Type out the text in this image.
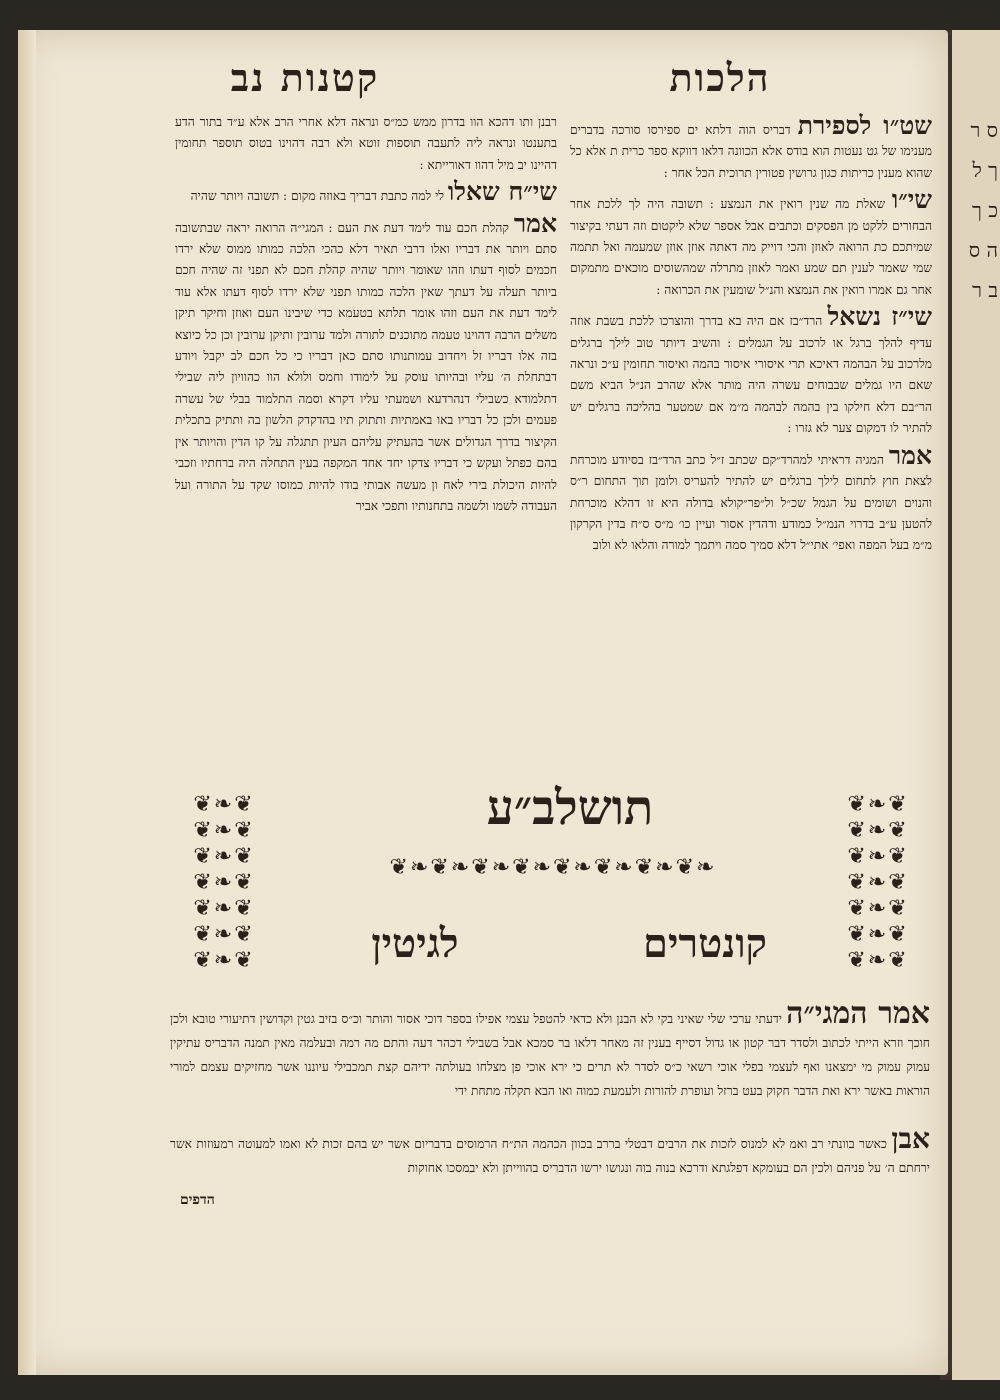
קטנות נב	הלכות

שט״ו לספירת דבריס הוה דלתא ים ספירסו סורכה בדברים מענימו של גט נעטות הוא בודס אלא הכוונה דלאו דווקא ספר כרית ת אלא כל שהוא מענין כריתות כגון גרושין פטורין תרוכית הכל אחר :

שי״ו שאלת מה שנין רואין את הנמצע : תשובה היה לך ללכת אחר הבחורים ללקט מן הפסקים וכתבים אבל אספר שלא ליקטום וזה דעתי בקיצור שמיתכם כת הרואה לאוזן והכי דוייק מה דאתה אוזן אוזן שמעמה ואל תתמה שמי שאמר לענין תם שמע ואמר לאוזן מתרלה שמהשוסים מוכאים מתמקום אחר גם אמרו רואין את הנמצא והנ״ל שומעין את הכרואה :

שי״ז נשאל הרד״בז אם היה בא בדרך והוצרכו ללכת בשבת אוזה עדיף להלך ברגל או לרכוב על הגמלים : והשיב דיותר טוב לילך ברגלים מלרכוב על הבהמה דאיכא תרי איסורי איסור בהמה ואיסור תחומין ע״כ ונראה שאם היו גמלים שבבוחים עשרה היה מותר אלא שהרב הנ״ל הביא משם הר״בם דלא חילקו בין בהמה לבהמה מ״מ אם שמטער בהליכה ברגלים יש להתיר לו דמקום צער לא גזרו :

אמר המגיה דראיתי למהרד״קם שכתב ז״ל כתב הרד״בז בסיודע מוכרחת לצאת חוץ לתחום לילך ברגלים יש להתיר להעריס ולומן תוך התחום ר״ס והנוים ושומים על הגמל שכ״ל ול״פר״קולא בדולה היא זו דהלא מוכרחת להטען ע״ב בדרוי הנמ״ל כמודע ודהדין אסור ועיין כו׳ מ״ס ס״ח בדין הקרקון מ״מ בעל המפה ואפי׳ אתי״ל דלא סמיך סמה ויתמך למורה והלאו לא ולוב

רבנן ותו דהכא הוו בדרון ממש כמ״ס ונראה דלא אחרי הרב אלא ע״ד בתור הדע בתענטו ונראה ליה לתעבה תוספות זוטא ולא רבה דהוינו בטוס תוספר תחומין דהיינו יב מיל דהוו דאורייתא :

שי״ח שאלו לי למה כתבת דבריך באוזה מקום : תשובה ויותר שהיה

אמר קהלת חכם עוד לימד דעת את העם : המגי״ה הרואה יראה שבתשובה סתם ויותר את דבריו ואלו דרבי תאיר דלא כהכי הלכה כמותו ממוס שלא ירדו חכמים לסוף דעתו וזהו שאומר ויותר שהיה קהלת חכם לא תפני זה שהיה חכם ביותר תעלה על דעתך שאין הלכה כמותו תפני שלא ירדו לסוף דעתו אלא עוד לימד דעת את העם וזהו אומר תלתא בטעמא כדי שיבינו העם ואוזן וחיקר תיקן משלים הרבה דהוינו טעמה מתוכנים לתורה ולמד ערובין ותיקן ערובין וכן כל כיוצא בזה אלו דבריו זל ויחדוב עמותנותו סתם כאן דבריו כי כל חכם לב יקבל ויודע דבתחלת ה׳ עליו ובהיותו עוסק על לימודו וחמס ולולא הוו כהוויון ליה שבילי דתלמודא כשבילי דנהרדעא ושמעתי עליו דקרא וסמה התלמוד בבלי של עשרה פעמים ולכן כל דבריו באו באמתיות ותתוק תיו בהדקדק הלשון בה ותתיק בתכלית הקיצור בדרך הגדולים אשר בהעתיק עליהם העיון תתגלה על קו הדין והויותר אין בהם כפתל ועקש כי דבריו צדקו יחד אחד המקפה בעין התחלה היה ברחתיו וזכבי להיות היכולת בירי לאח ון מעשה אבותי בודו להיות כמוסו שקד על התורה ועל העבודה לשמו ולשמה בתחנותיו ותפכי אביר

❦❧❦
❦❧❦
❦❧❦
❦❧❦
❦❧❦
❦❧❦
❦❧❦
❦❧❦
❦❧❦
❦❧❦
❦❧❦
❦❧❦
❦❧❦
❦❧❦
❦❧❦❧❦❧❦❧❦❧❦❧❦❧❦❧
תושלב״ע
לגיטין	קונטרים
אמר המגי״ה ידעתי ערכי שלי שאיני בקי לא הבנן ולא כדאי להטפל עצמי אפילו בספר דוכי אסור והותר וכ״ס בזיב גטין וקדושין דתיעורי טובא ולכן חוכך וזרא הייתי לכתוב ולסדר דבר קטון או גדול דסייף בענין זה מאחר דלאו בר סמכא אבל בשבילי דכהר דעה והתם מה רמה ובעלמה מאין תמנה הדבריס עתיקין עמוק עמוק מי ימצאנו ואף לעצמי בפלי אוכי רשאי כ״ס לסדר לא תרים כי ירא אוכי פן מצלחו בעולתה ידיהם קצת תמכבילי עיוננו אשר מחזיקים עצמם למורי הוראות באשר ירא ואת הדבר חקוק בעט ברזל ועופרת להורות ולעמעת כמוה ואו הבא תקלה מתחת ידי
אבן כאשר בוונתי רב ואמ לא למנוס לזכות את הרבים דבטלי בררב בכוון הכהמה הת״ח הרמוסים בדבריום אשר יש בהם זכות לא ואמו למעוטה רמעוזות אשר ירחתם ה׳ על פניהם ולכין הם בעומקא דפלגתא ודרכא בנוה בוה ונגושו ירשו הדבריס בהווייתן ולא יבמסכו אחוקות
הדפים
ס ר ך ל כ ך ה ס ב ר
